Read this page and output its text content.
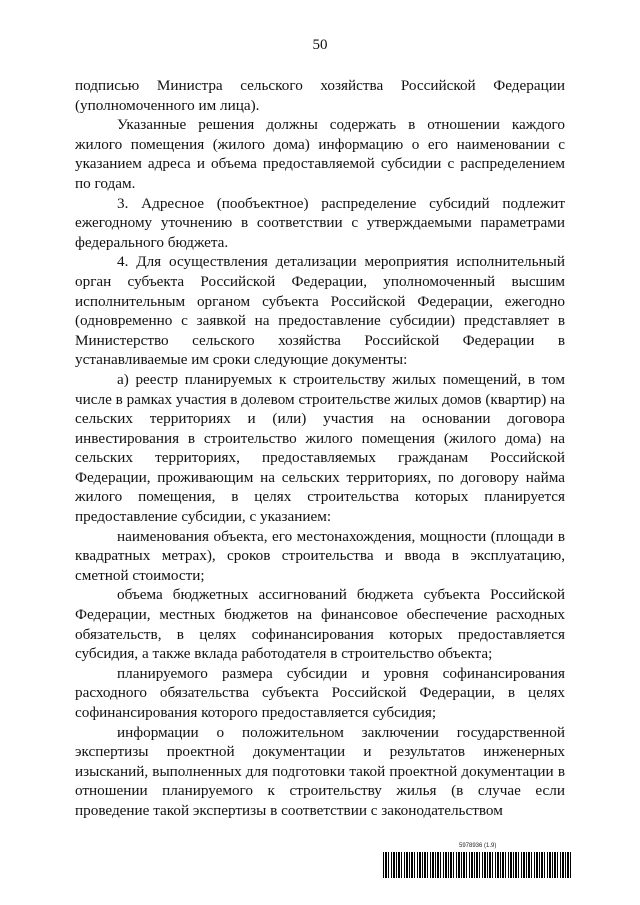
50

подписью Министра сельского хозяйства Российской Федерации (уполномоченного им лица).

Указанные решения должны содержать в отношении каждого жилого помещения (жилого дома) информацию о его наименовании с указанием адреса и объема предоставляемой субсидии с распределением по годам.

3. Адресное (пообъектное) распределение субсидий подлежит ежегодному уточнению в соответствии с утверждаемыми параметрами федерального бюджета.

4. Для осуществления детализации мероприятия исполнительный орган субъекта Российской Федерации, уполномоченный высшим исполнительным органом субъекта Российской Федерации, ежегодно (одновременно с заявкой на предоставление субсидии) представляет в Министерство сельского хозяйства Российской Федерации в устанавливаемые им сроки следующие документы:

а) реестр планируемых к строительству жилых помещений, в том числе в рамках участия в долевом строительстве жилых домов (квартир) на сельских территориях и (или) участия на основании договора инвестирования в строительство жилого помещения (жилого дома) на сельских территориях, предоставляемых гражданам Российской Федерации, проживающим на сельских территориях, по договору найма жилого помещения, в целях строительства которых планируется предоставление субсидии, с указанием:

наименования объекта, его местонахождения, мощности (площади в квадратных метрах), сроков строительства и ввода в эксплуатацию, сметной стоимости;

объема бюджетных ассигнований бюджета субъекта Российской Федерации, местных бюджетов на финансовое обеспечение расходных обязательств, в целях софинансирования которых предоставляется субсидия, а также вклада работодателя в строительство объекта;

планируемого размера субсидии и уровня софинансирования расходного обязательства субъекта Российской Федерации, в целях софинансирования которого предоставляется субсидия;

информации о положительном заключении государственной экспертизы проектной документации и результатов инженерных изысканий, выполненных для подготовки такой проектной документации в отношении планируемого к строительству жилья (в случае если проведение такой экспертизы в соответствии с законодательством

5978936 (1.9)
